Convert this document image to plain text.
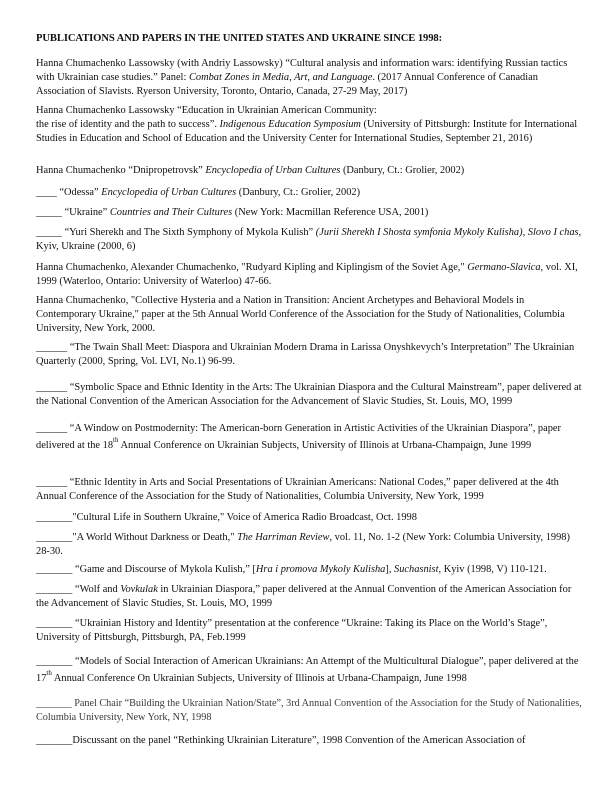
PUBLICATIONS AND PAPERS IN THE UNITED STATES AND UKRAINE SINCE 1998:

Hanna Chumachenko Lassowsky (with Andriy Lassowsky) “Cultural analysis and information wars: identifying Russian tactics with Ukrainian case studies.” Panel: Combat Zones in Media, Art, and Language. (2017 Annual Conference of Canadian Association of Slavists. Ryerson University, Toronto, Ontario, Canada, 27-29 May, 2017)

Hanna Chumachenko Lassowsky “Education in Ukrainian American Community:
the rise of identity and the path to success”. Indigenous Education Symposium (University of Pittsburgh: Institute for International Studies in Education and School of Education and the University Center for International Studies, September 21, 2016)

Hanna Chumachenko “Dnipropetrovsk” Encyclopedia of Urban Cultures (Danbury, Ct.: Grolier, 2002)

____ “Odessa” Encyclopedia of Urban Cultures (Danbury, Ct.: Grolier, 2002)

_____ “Ukraine” Countries and Their Cultures (New York: Macmillan Reference USA, 2001)

_____ “Yuri Sherekh and The Sixth Symphony of Mykola Kulish” (Jurii Sherekh I Shosta symfonia Mykoly Kulisha), Slovo I chas, Kyiv, Ukraine (2000, 6)

Hanna Chumachenko, Alexander Chumachenko, "Rudyard Kipling and Kiplingism of the Soviet Age," Germano-Slavica, vol. XI, 1999 (Waterloo, Ontario: University of Waterloo) 47-66.

Hanna Chumachenko, "Collective Hysteria and a Nation in Transition: Ancient Archetypes and Behavioral Models in Contemporary Ukraine," paper at the 5th Annual World Conference of the Association for the Study of Nationalities, Columbia University, New York, 2000.

______ “The Twain Shall Meet: Diaspora and Ukrainian Modern Drama in Larissa Onyshkevych’s Interpretation” The Ukrainian Quarterly (2000, Spring, Vol. LVI, No.1) 96-99.

______ “Symbolic Space and Ethnic Identity in the Arts: The Ukrainian Diaspora and the Cultural Mainstream”, paper delivered at the National Convention of the American Association for the Advancement of Slavic Studies, St. Louis, MO, 1999

______ “A Window on Postmodernity: The American-born Generation in Artistic Activities of the Ukrainian Diaspora”, paper delivered at the 18th Annual Conference on Ukrainian Subjects, University of Illinois at Urbana-Champaign, June 1999

______ “Ethnic Identity in Arts and Social Presentations of Ukrainian Americans: National Codes,” paper delivered at the 4th Annual Conference of the Association for the Study of Nationalities, Columbia University, New York, 1999

_______"Cultural Life in Southern Ukraine," Voice of America Radio Broadcast, Oct. 1998

_______"A World Without Darkness or Death," The Harriman Review, vol. 11, No. 1-2 (New York: Columbia University, 1998) 28-30.

_______ “Game and Discourse of Mykola Kulish,” [Hra i promova Mykoly Kulisha], Suchasnist, Kyiv (1998, V) 110-121.

_______ “Wolf and Vovkulak in Ukrainian Diaspora,” paper delivered at the Annual Convention of the American Association for the Advancement of Slavic Studies, St. Louis, MO, 1999

_______ “Ukrainian History and Identity” presentation at the conference “Ukraine: Taking its Place on the World’s Stage”, University of Pittsburgh, Pittsburgh, PA, Feb.1999

_______ “Models of Social Interaction of American Ukrainians: An Attempt of the Multicultural Dialogue”, paper delivered at the 17th Annual Conference On Ukrainian Subjects, University of Illinois at Urbana-Champaign, June 1998

_______ Panel Chair “Building the Ukrainian Nation/State”, 3rd Annual Convention of the Association for the Study of Nationalities, Columbia University, New York, NY, 1998

_______Discussant on the panel “Rethinking Ukrainian Literature”, 1998 Convention of the American Association of
